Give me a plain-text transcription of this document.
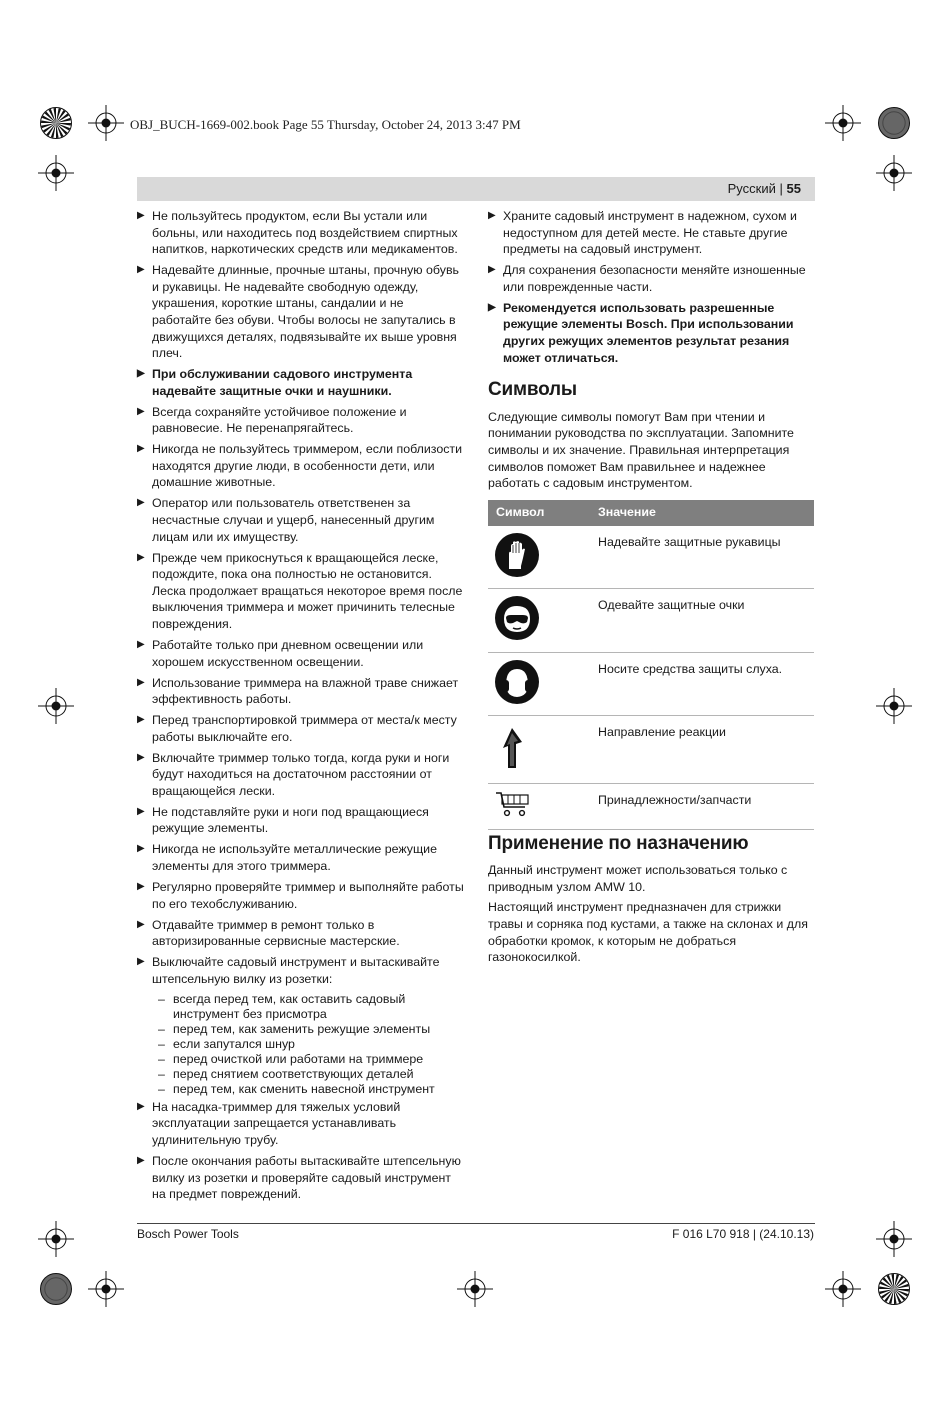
OBJ_BUCH-1669-002.book Page 55 Thursday, October 24, 2013 3:47 PM
Русский | 55
▶ Не пользуйтесь продуктом, если Вы устали или больны, или находитесь под воздействием спиртных напитков, наркотических средств или медикаментов.
▶ Надевайте длинные, прочные штаны, прочную обувь и рукавицы. Не надевайте свободную одежду, украшения, короткие штаны, сандалии и не работайте без обуви. Чтобы волосы не запутались в движущихся деталях, подвязывайте их выше уровня плеч.
▶ При обслуживании садового инструмента надевайте защитные очки и наушники.
▶ Всегда сохраняйте устойчивое положение и равновесие. Не перенапрягайтесь.
▶ Никогда не пользуйтесь триммером, если поблизости находятся другие люди, в особенности дети, или домашние животные.
▶ Оператор или пользователь ответственен за несчастные случаи и ущерб, нанесенный другим лицам или их имуществу.
▶ Прежде чем прикоснуться к вращающейся леске, подождите, пока она полностью не остановится. Леска продолжает вращаться некоторое время после выключения триммера и может причинить телесные повреждения.
▶ Работайте только при дневном освещении или хорошем искусственном освещении.
▶ Использование триммера на влажной траве снижает эффективность работы.
▶ Перед транспортировкой триммера от места/к месту работы выключайте его.
▶ Включайте триммер только тогда, когда руки и ноги будут находиться на достаточном расстоянии от вращающейся лески.
▶ Не подставляйте руки и ноги под вращающиеся режущие элементы.
▶ Никогда не используйте металлические режущие элементы для этого триммера.
▶ Регулярно проверяйте триммер и выполняйте работы по его техобслуживанию.
▶ Отдавайте триммер в ремонт только в авторизированные сервисные мастерские.
▶ Выключайте садовый инструмент и вытаскивайте штепсельную вилку из розетки:
– всегда перед тем, как оставить садовый инструмент без присмотра
– перед тем, как заменить режущие элементы
– если запутался шнур
– перед очисткой или работами на триммере
– перед снятием соответствующих деталей
– перед тем, как сменить навесной инструмент
▶ На насадка-триммер для тяжелых условий эксплуатации запрещается устанавливать удлинительную трубу.
▶ После окончания работы вытаскивайте штепсельную вилку из розетки и проверяйте садовый инструмент на предмет повреждений.
▶ Храните садовый инструмент в надежном, сухом и недоступном для детей месте. Не ставьте другие предметы на садовый инструмент.
▶ Для сохранения безопасности меняйте изношенные или поврежденные части.
▶ Рекомендуется использовать разрешенные режущие элементы Bosch. При использовании других режущих элементов результат резания может отличаться.
Символы

Следующие символы помогут Вам при чтении и понимании руководства по эксплуатации. Запомните символы и их значение. Правильная интерпретация символов поможет Вам правильнее и надежнее работать с садовым инструментом.

Символ	Значение
	Надевайте защитные рукавицы
	Одевайте защитные очки
	Носите средства защиты слуха.
	Направление реакции
	Принадлежности/запчасти
Применение по назначению

Данный инструмент может использоваться только с приводным узлом AMW 10.

Настоящий инструмент предназначен для стрижки травы и сорняка под кустами, а также на склонах и для обработки кромок, к которым не добраться газонокосилкой.

Bosch Power Tools	F 016 L70 918 | (24.10.13)
